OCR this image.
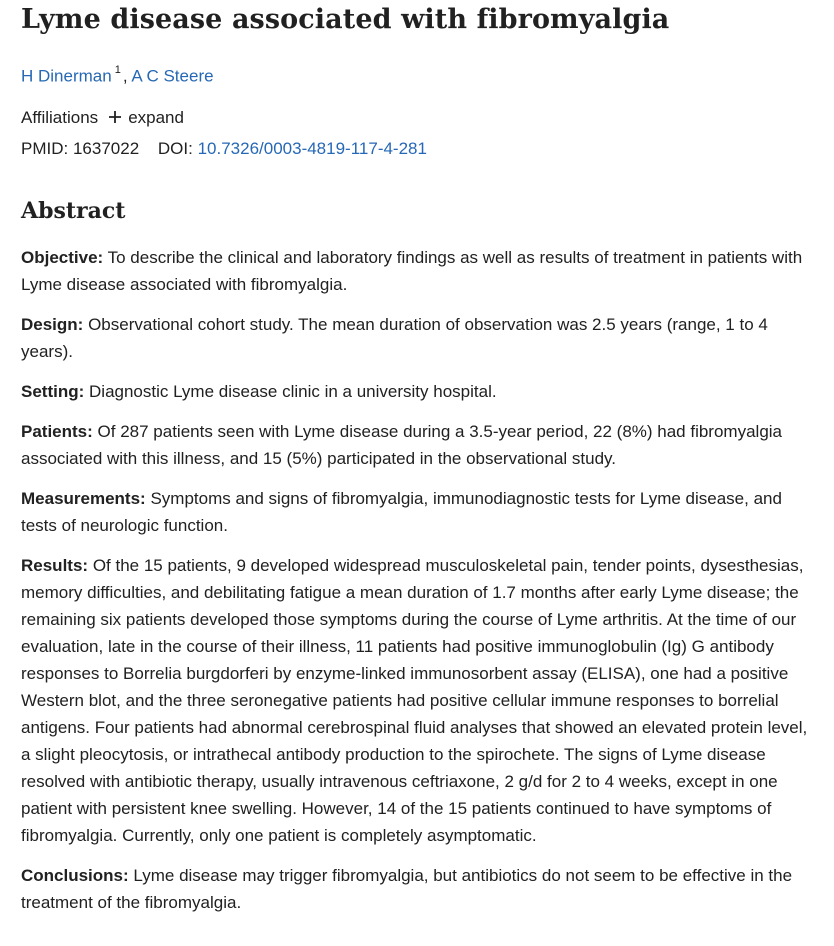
Lyme disease associated with fibromyalgia
H Dinerman $^1$ , A C Steere
Affiliations expand
PMID: 1637022 DOI: 10.7326/0003-4819-117-4-281
Abstract

Objective: To describe the clinical and laboratory findings as well as results of treatment in patients with Lyme disease associated with fibromyalgia.

Design: Observational cohort study. The mean duration of observation was 2.5 years (range, 1 to 4 years).

Setting: Diagnostic Lyme disease clinic in a university hospital.

Patients: Of 287 patients seen with Lyme disease during a 3.5-year period, 22 (8%) had fibromyalgia associated with this illness, and 15 (5%) participated in the observational study.

Measurements: Symptoms and signs of fibromyalgia, immunodiagnostic tests for Lyme disease, and tests of neurologic function.

Results: Of the 15 patients, 9 developed widespread musculoskeletal pain, tender points, dysesthesias, memory difficulties, and debilitating fatigue a mean duration of 1.7 months after early Lyme disease; the remaining six patients developed those symptoms during the course of Lyme arthritis. At the time of our evaluation, late in the course of their illness, 11 patients had positive immunoglobulin (Ig) G antibody responses to Borrelia burgdorferi by enzyme-linked immunosorbent assay (ELISA), one had a positive Western blot, and the three seronegative patients had positive cellular immune responses to borrelial antigens. Four patients had abnormal cerebrospinal fluid analyses that showed an elevated protein level, a slight pleocytosis, or intrathecal antibody production to the spirochete. The signs of Lyme disease resolved with antibiotic therapy, usually intravenous ceftriaxone, 2 g/d for 2 to 4 weeks, except in one patient with persistent knee swelling. However, 14 of the 15 patients continued to have symptoms of fibromyalgia. Currently, only one patient is completely asymptomatic.

Conclusions: Lyme disease may trigger fibromyalgia, but antibiotics do not seem to be effective in the treatment of the fibromyalgia.
